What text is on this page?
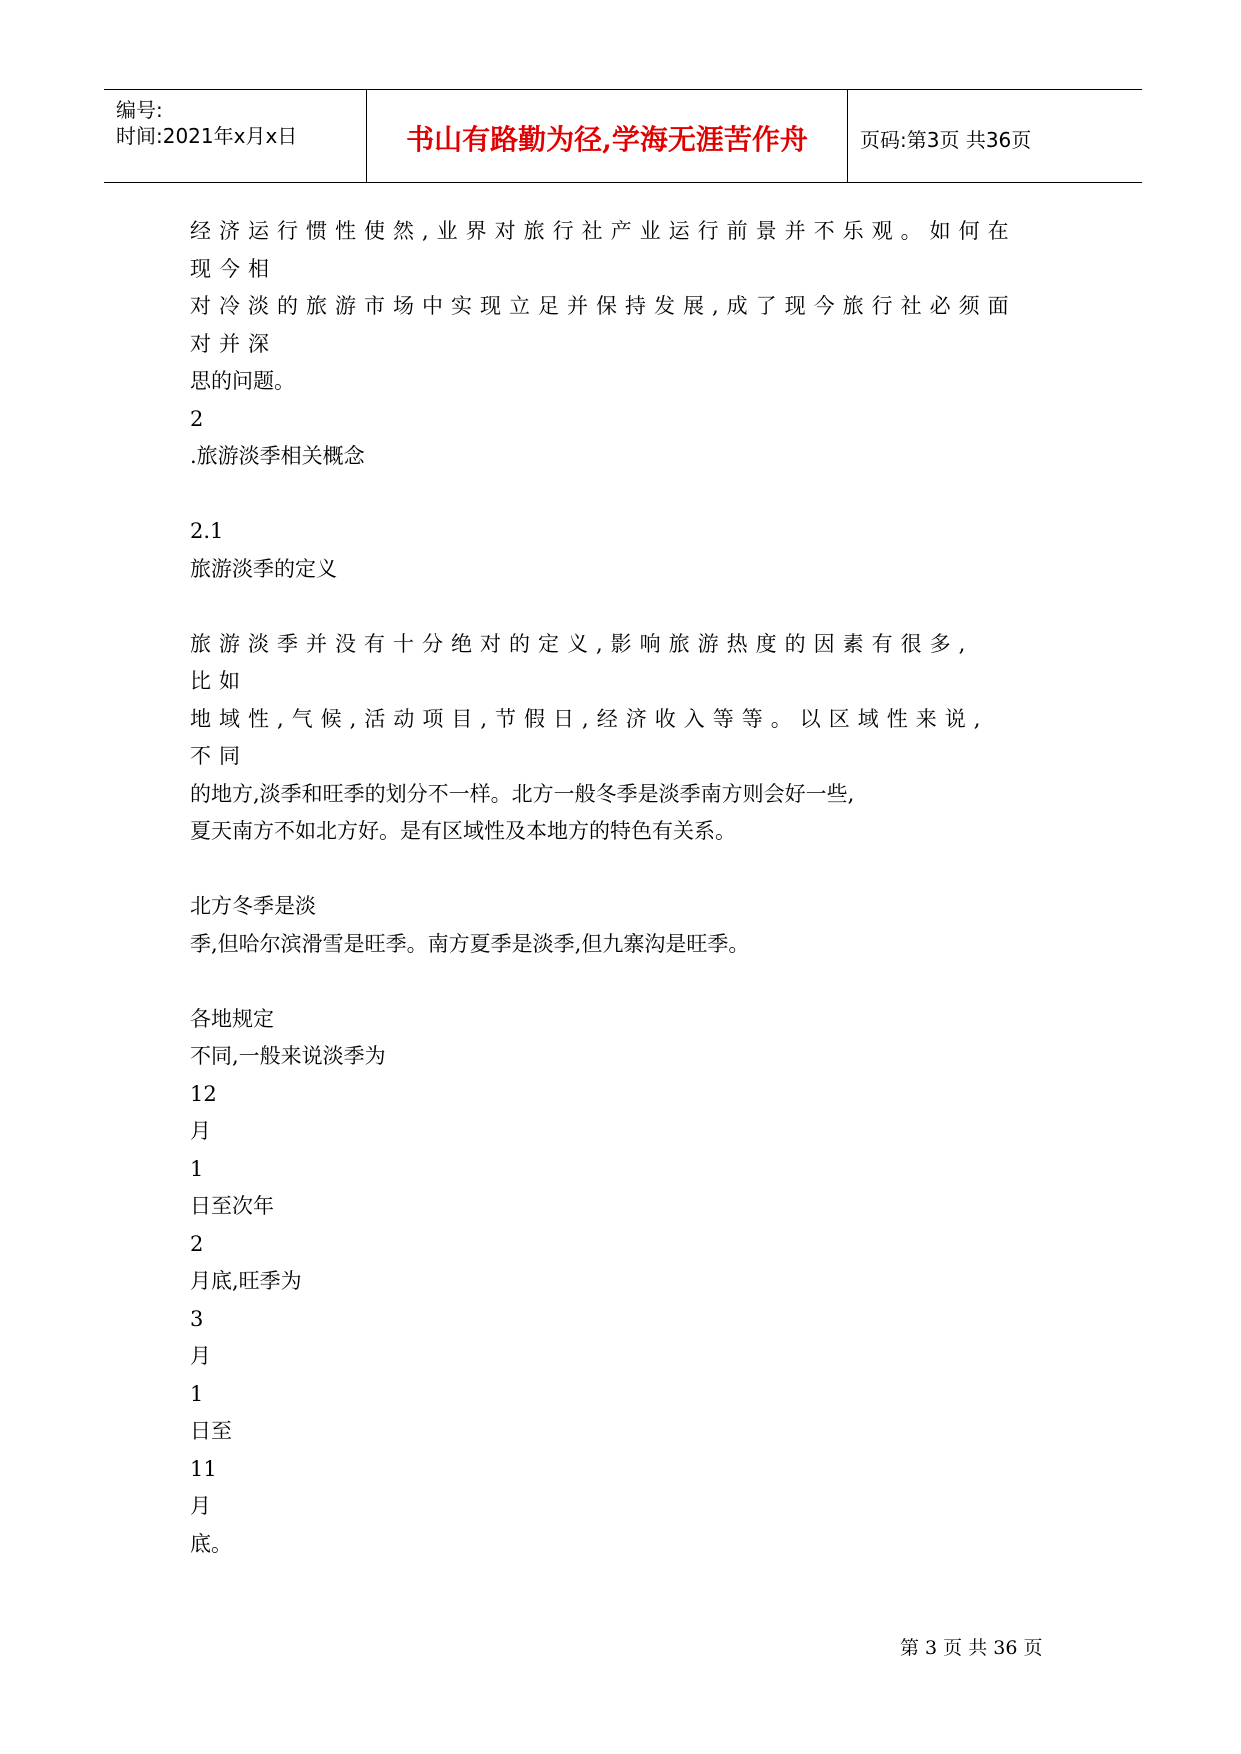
编号:
时间:2021年x月x日	书山有路勤为径,学海无涯苦作舟	页码:第3页 共36页
经济运行惯性使然,业界对旅行社产业运行前景并不乐观。如何在
现今相
对冷淡的旅游市场中实现立足并保持发展,成了现今旅行社必须面
对并深
思的问题。
2
.旅游淡季相关概念
2.1
旅游淡季的定义
旅游淡季并没有十分绝对的定义,影响旅游热度的因素有很多,
比如
地域性,气候,活动项目,节假日,经济收入等等。以区域性来说,
不同
的地方,淡季和旺季的划分不一样。北方一般冬季是淡季南方则会好一些,
夏天南方不如北方好。是有区域性及本地方的特色有关系。
北方冬季是淡
季,但哈尔滨滑雪是旺季。南方夏季是淡季,但九寨沟是旺季。
各地规定
不同,一般来说淡季为
12
月
1
日至次年
2
月底,旺季为
3
月
1
日至
11
月
底。
第 3 页 共 36 页
